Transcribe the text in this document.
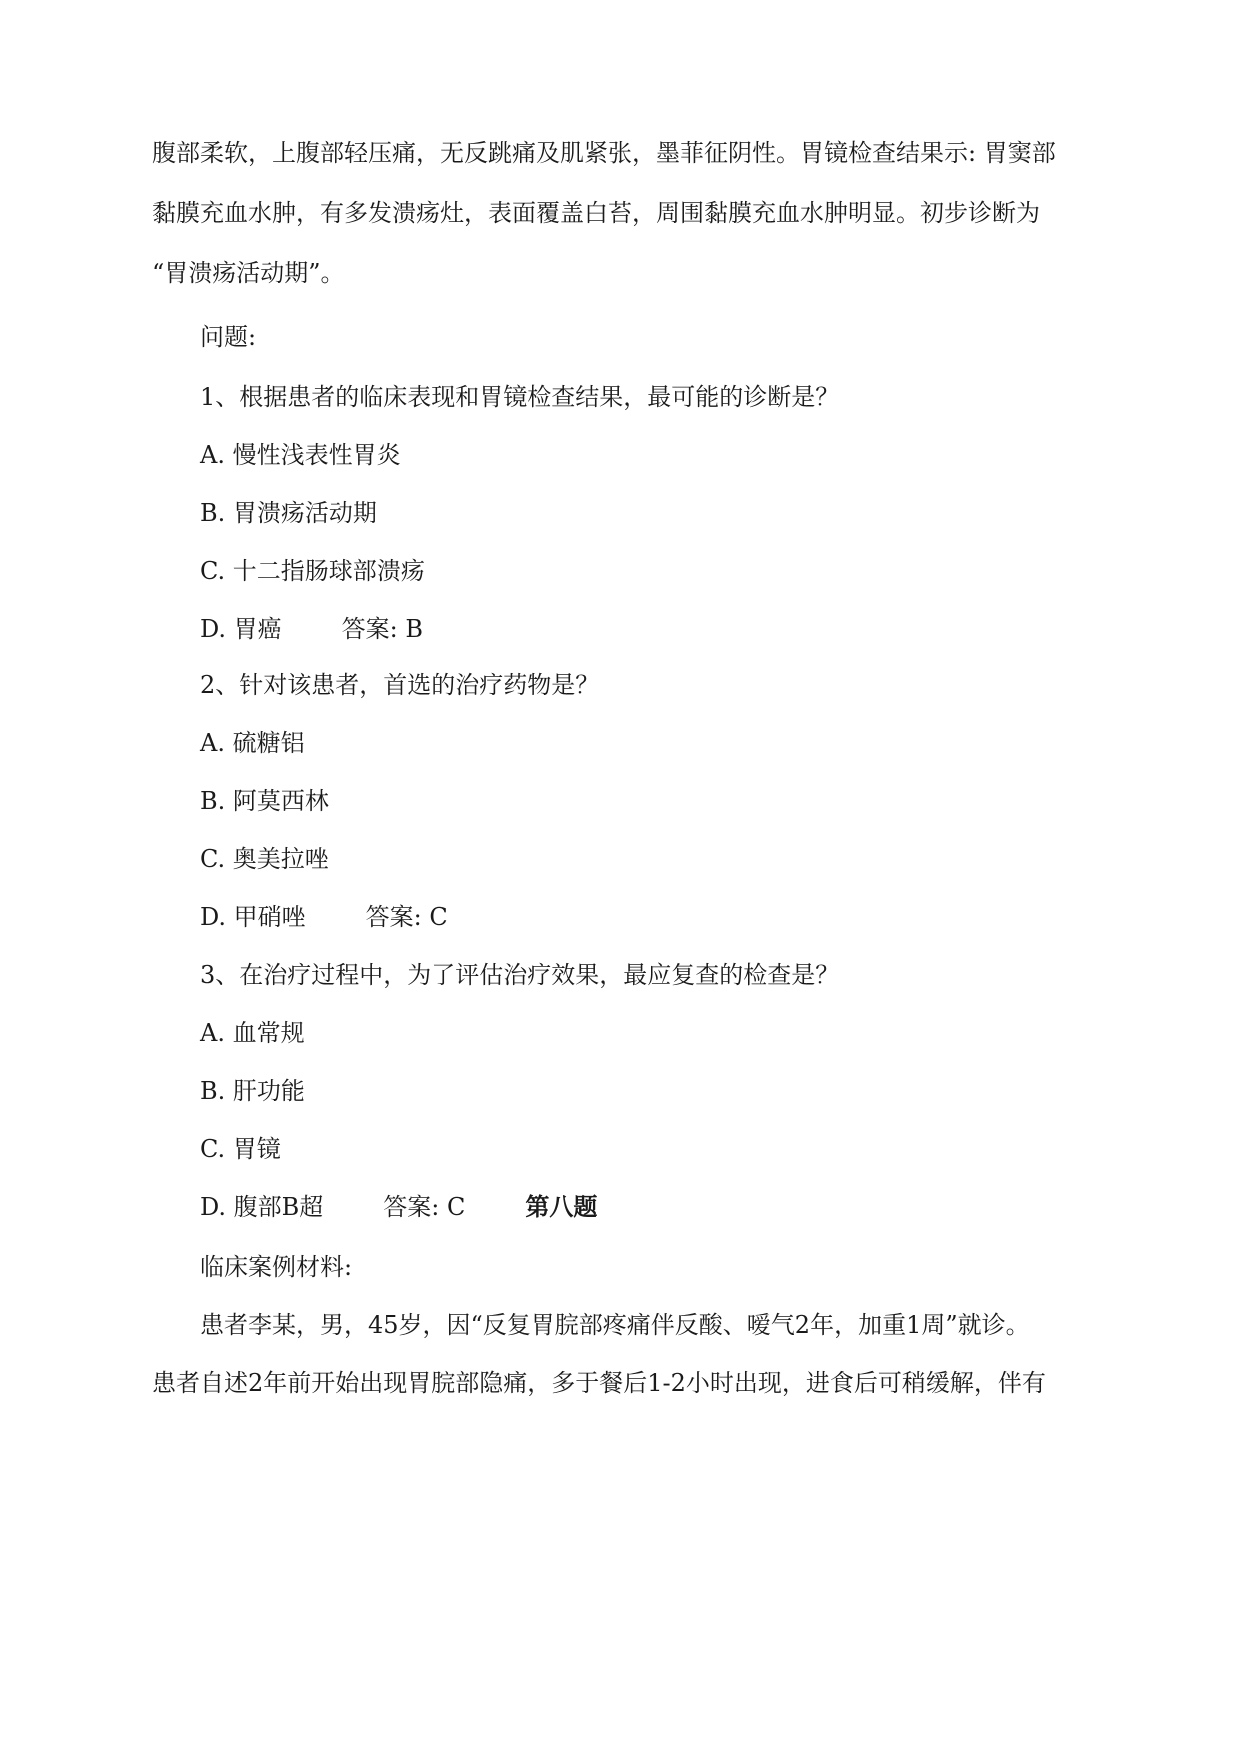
腹部柔软，上腹部轻压痛，无反跳痛及肌紧张，墨菲征阴性。胃镜检查结果示: 胃窦部
黏膜充血水肿，有多发溃疡灶，表面覆盖白苔，周围黏膜充血水肿明显。初步诊断为
“胃溃疡活动期”。
问题:
1、根据患者的临床表现和胃镜检查结果，最可能的诊断是？
A. 慢性浅表性胃炎
B. 胃溃疡活动期
C. 十二指肠球部溃疡
D. 胃癌	答案: B
2、针对该患者，首选的治疗药物是？
A. 硫糖铝
B. 阿莫西林
C. 奥美拉唑
D. 甲硝唑	答案: C
3、在治疗过程中，为了评估治疗效果，最应复查的检查是？
A. 血常规
B. 肝功能
C. 胃镜
D. 腹部B超	答案: C	第八题
临床案例材料:
患者李某，男，45岁，因“反复胃脘部疼痛伴反酸、嗳气2年，加重1周”就诊。
患者自述2年前开始出现胃脘部隐痛，多于餐后1-2小时出现，进食后可稍缓解，伴有
